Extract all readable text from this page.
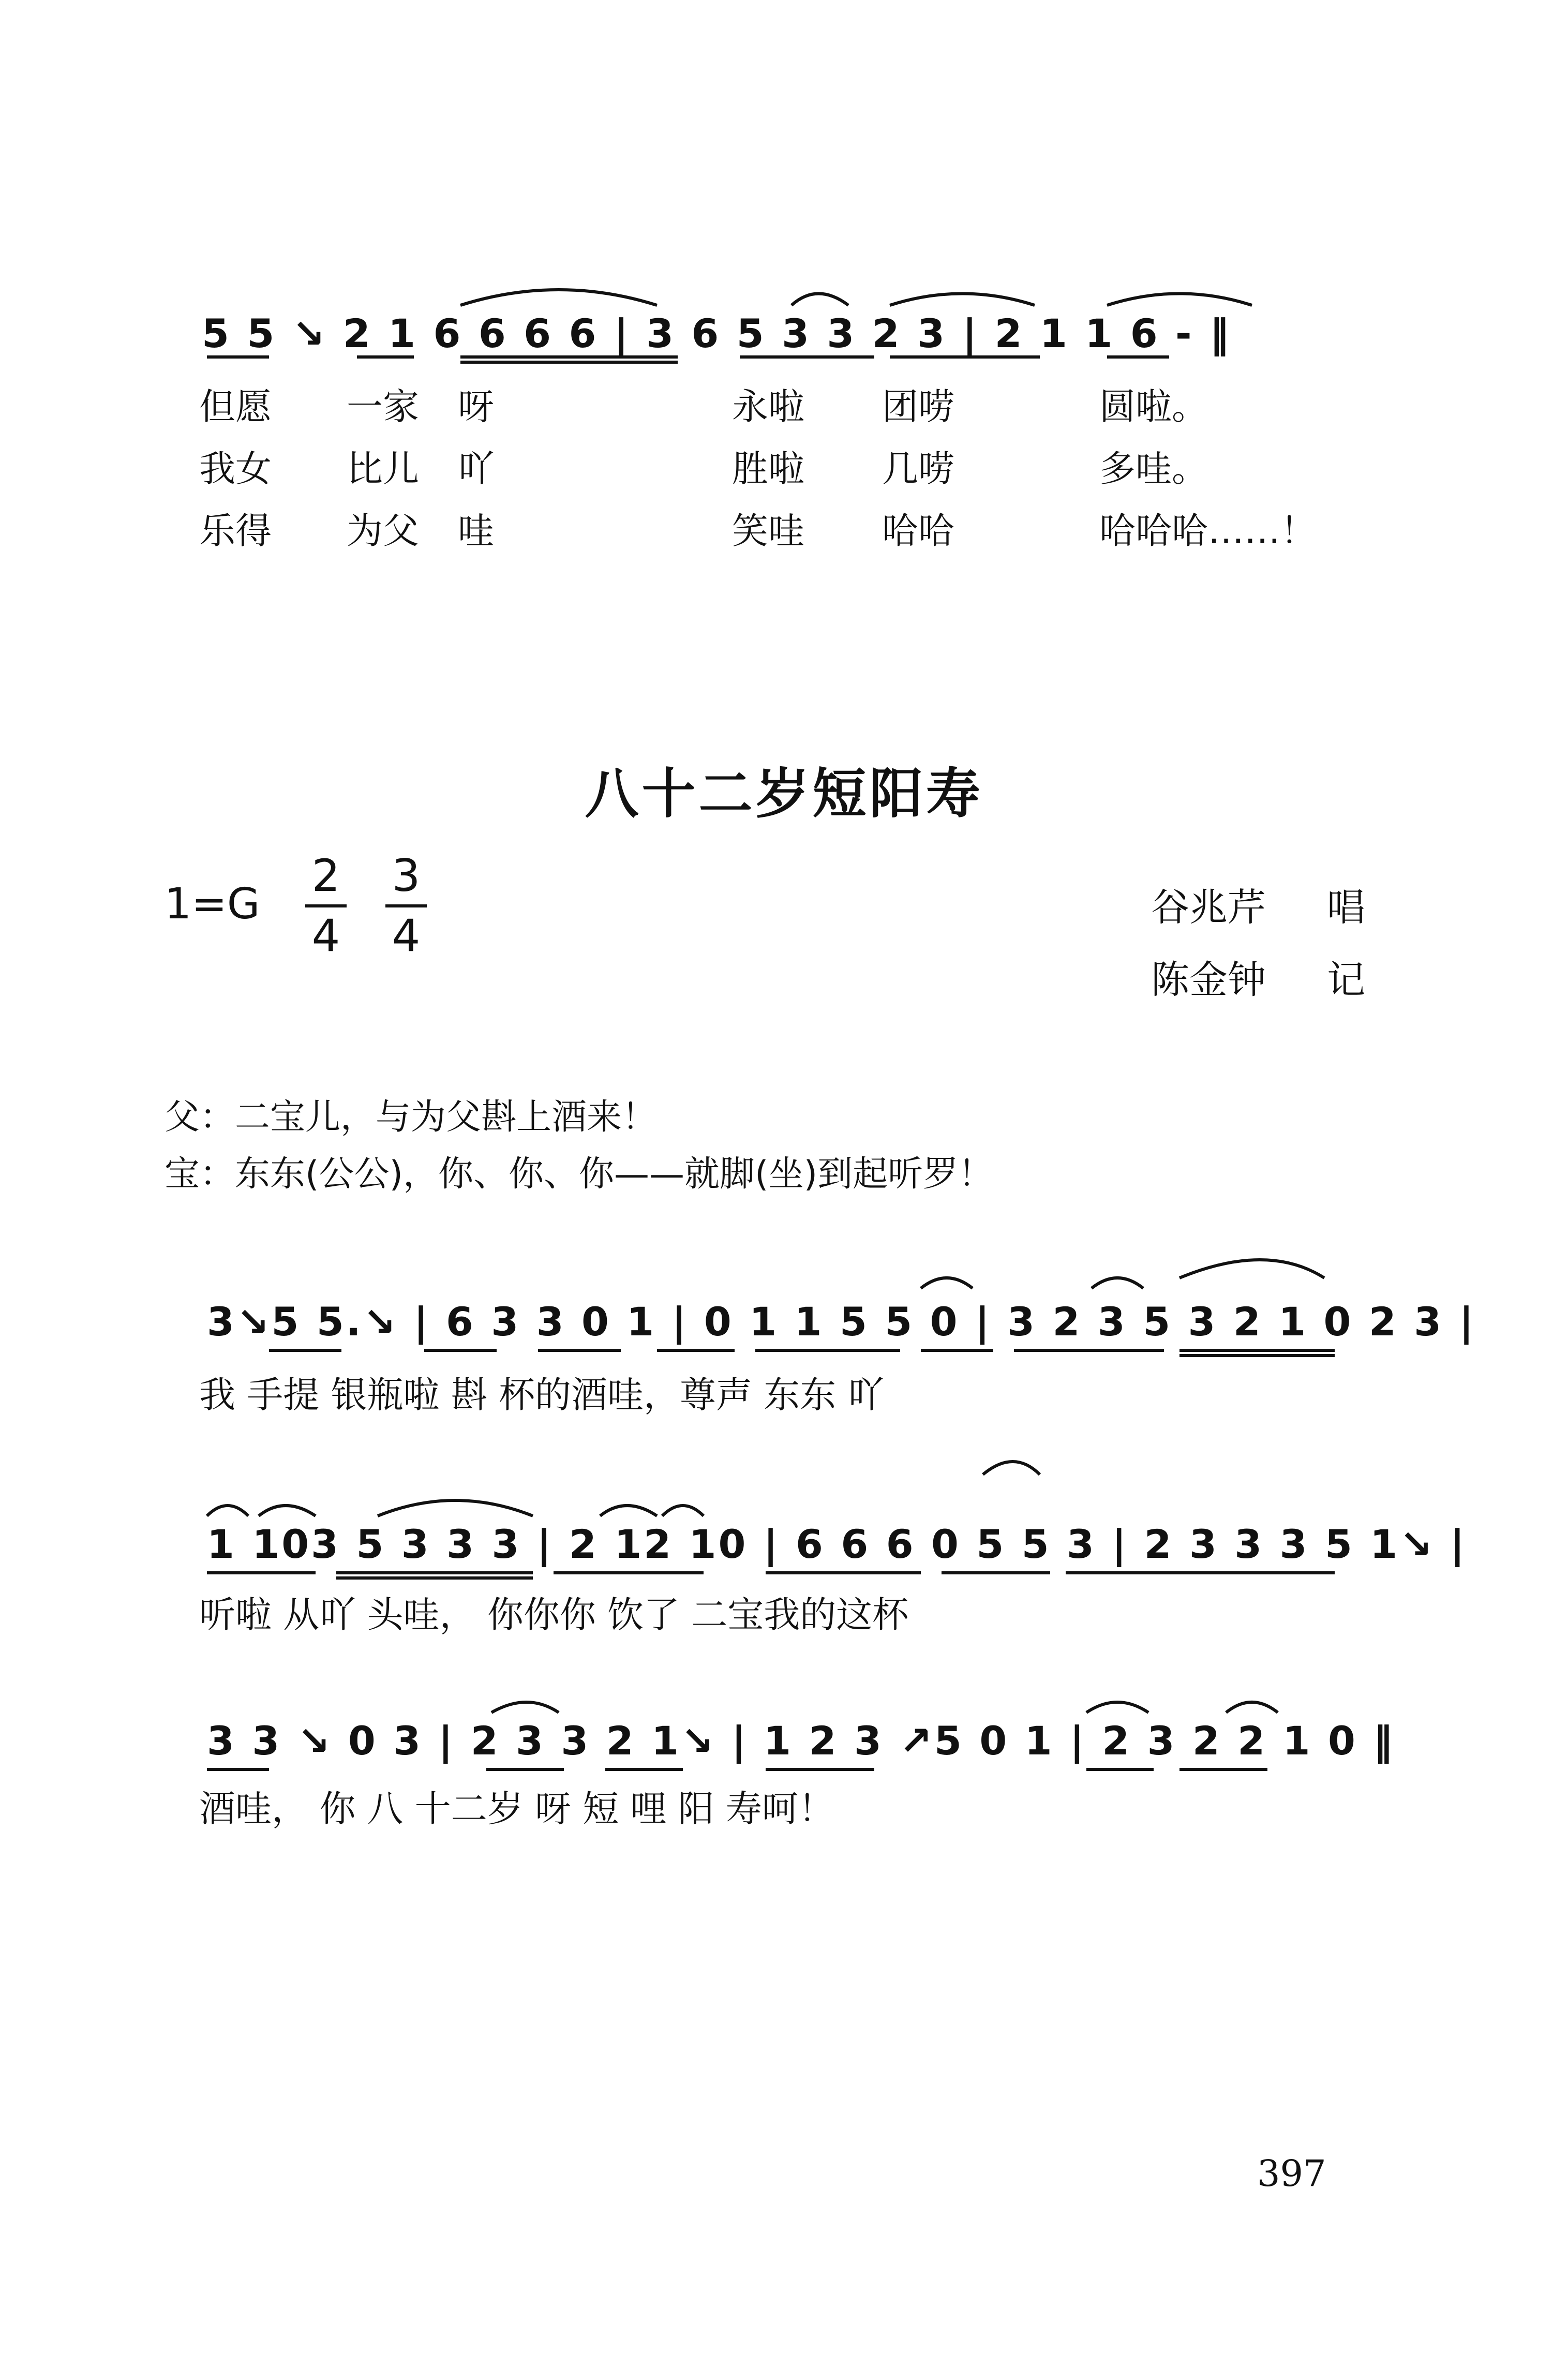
5 5 ↘ 2 1 6 6 6 6 | 3 6 5 3 3 2 3 | 2 1 1 6 - ‖
但愿 一家 呀	永啦 团唠	圆啦。
我女 比儿 吖	胜啦 几唠	多哇。
乐得 为父 哇	笑哇 哈哈	哈哈哈……！
八十二岁短阳寿
$1=G \frac{2}{4} \frac{3}{4}$	谷兆芹 唱
陈金钟 记
父：二宝儿，与为父斟上酒来！
宝：东东(公公)，你、你、你——就脚(坐)到起听罗！
3↘5 5.↘ | 6 3 3 0 1 | 0 1 1 5 5 0 | 3 2 3 5 3 2 1 0 2 3 |
我 手提 银瓶啦 斟 杯的酒哇，尊声 东东 吖
1 103 5 3 3 3 | 2 12 10 | 6 6 6 0 5 5 3 | 2 3 3 3 5 1↘ |
听啦 从吖 头哇， 你你你 饮了 二宝我的这杯
3 3 ↘ 0 3 | 2 3 3 2 1↘ | 1 2 3 ↗5 0 1 | 2 3 2 2 1 0 ‖
酒哇， 你 八 十二岁 呀 短 哩 阳 寿呵！
397
